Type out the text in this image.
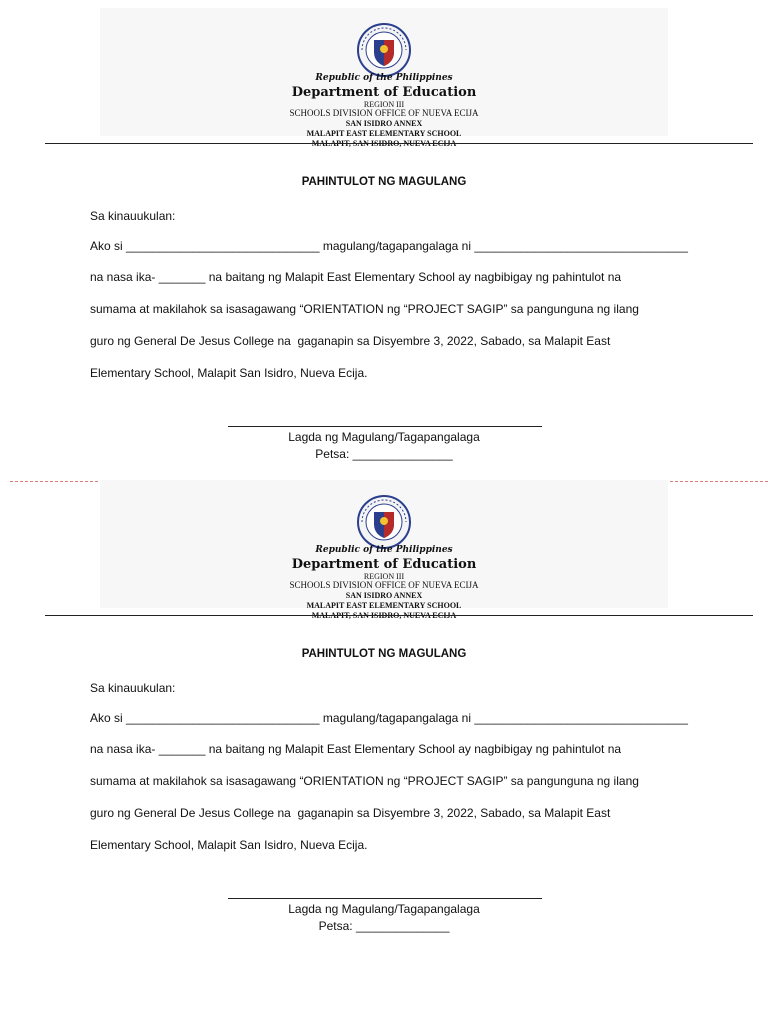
Republic of the Philippines
Department of Education
REGION III
SCHOOLS DIVISION OFFICE OF NUEVA ECIJA
SAN ISIDRO ANNEX
MALAPIT EAST ELEMENTARY SCHOOL
MALAPIT, SAN ISIDRO, NUEVA ECIJA
PAHINTULOT NG MAGULANG
Sa kinauukulan:
Ako si _____________________________ magulang/tagapangalaga ni ________________________________
na nasa ika- _______ na baitang ng Malapit East Elementary School ay nagbibigay ng pahintulot na
sumama at makilahok sa isasagawang “ORIENTATION ng “PROJECT SAGIP” sa pangunguna ng ilang
guro ng General De Jesus College na  gaganapin sa Disyembre 3, 2022, Sabado, sa Malapit East
Elementary School, Malapit San Isidro, Nueva Ecija.
Lagda ng Magulang/Tagapangalaga
Petsa: _______________
Republic of the Philippines
Department of Education
REGION III
SCHOOLS DIVISION OFFICE OF NUEVA ECIJA
SAN ISIDRO ANNEX
MALAPIT EAST ELEMENTARY SCHOOL
MALAPIT, SAN ISIDRO, NUEVA ECIJA
PAHINTULOT NG MAGULANG
Sa kinauukulan:
Ako si _____________________________ magulang/tagapangalaga ni ________________________________
na nasa ika- _______ na baitang ng Malapit East Elementary School ay nagbibigay ng pahintulot na
sumama at makilahok sa isasagawang “ORIENTATION ng “PROJECT SAGIP” sa pangunguna ng ilang
guro ng General De Jesus College na  gaganapin sa Disyembre 3, 2022, Sabado, sa Malapit East
Elementary School, Malapit San Isidro, Nueva Ecija.
Lagda ng Magulang/Tagapangalaga
Petsa: ______________
